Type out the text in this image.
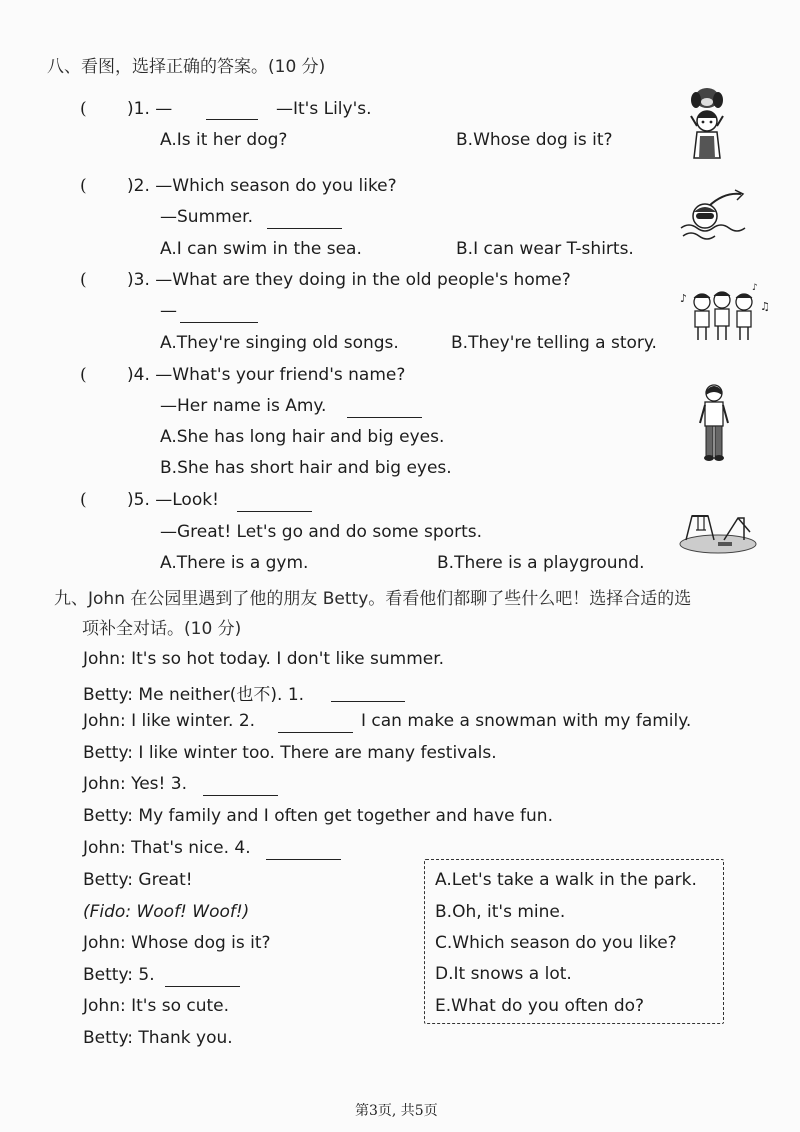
八、看图，选择正确的答案。(10 分)
( )1. —	—It's Lily's.
A.Is it her dog?	B.Whose dog is it?
( )2. —Which season do you like?
—Summer.
A.I can swim in the sea.	B.I can wear T-shirts.
( )3. —What are they doing in the old people's home?
—
A.They're singing old songs.	B.They're telling a story.
♪
♫
♪
( )4. —What's your friend's name?
—Her name is Amy.
A.She has long hair and big eyes.
B.She has short hair and big eyes.
( )5. —Look!
—Great! Let's go and do some sports.
A.There is a gym.	B.There is a playground.
九、John 在公园里遇到了他的朋友 Betty。看看他们都聊了些什么吧！选择合适的选
项补全对话。(10 分)
John: It's so hot today. I don't like summer.
Betty: Me neither(也不). 1.
John: I like winter. 2.	I can make a snowman with my family.
Betty: I like winter too. There are many festivals.
John: Yes! 3.
Betty: My family and I often get together and have fun.
John: That's nice. 4.
Betty: Great!
(Fido: Woof! Woof!)
John: Whose dog is it?
Betty: 5.
John: It's so cute.
Betty: Thank you.
A.Let's take a walk in the park.
B.Oh, it's mine.
C.Which season do you like?
D.It snows a lot.
E.What do you often do?
第3页, 共5页
